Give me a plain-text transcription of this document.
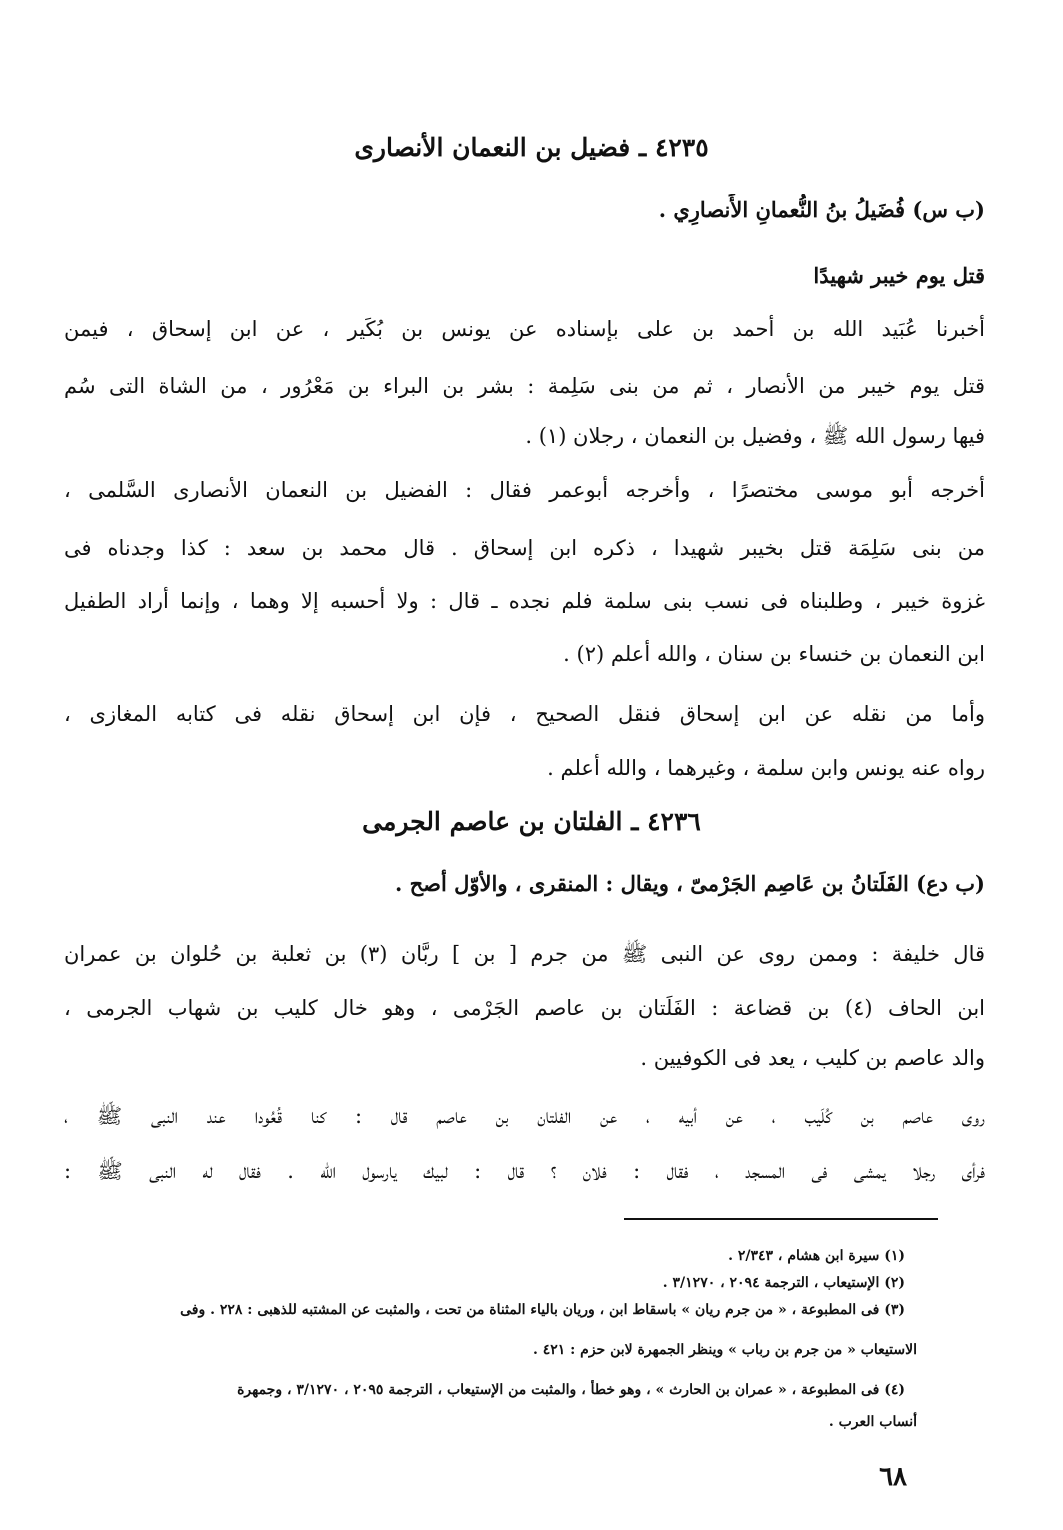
٤٢٣٥ ـ فضيل بن النعمان الأنصارى
(ب س) فُضَيلُ بنُ النُّعمانِ الأَنصارِي .
قتل يوم خيبر شهيدًا
أخبرنا عُبَيد الله بن أحمد بن على بإسناده عن يونس بن بُكَير ، عن ابن إسحاق ، فيمن
قتل يوم خيبر من الأنصار ، ثم من بنى سَلِمة : بشر بن البراء بن مَعْرُور ، من الشاة التى سُم
فيها رسول الله ﷺ ، وفضيل بن النعمان ، رجلان (١) .
أخرجه أبو موسى مختصرًا ، وأخرجه أبوعمر فقال : الفضيل بن النعمان الأنصارى السَّلمى ،
من بنى سَلِمَة قتل بخيبر شهيدا ، ذكره ابن إسحاق . قال محمد بن سعد : كذا وجدناه فى
غزوة خيبر ، وطلبناه فى نسب بنى سلمة فلم نجده ـ قال : ولا أحسبه إلا وهما ، وإنما أراد الطفيل
ابن النعمان بن خنساء بن سنان ، والله أعلم (٢) .
وأما من نقله عن ابن إسحاق فنقل الصحيح ، فإن ابن إسحاق نقله فى كتابه المغازى ،
رواه عنه يونس وابن سلمة ، وغيرهما ، والله أعلم .
٤٢٣٦ ـ الفلتان بن عاصم الجرمى
(ب دع) الفَلَتانُ بن عَاصِم الجَرْمىّ ، ويقال : المنقرى ، والأوّل أصح .
قال خليفة : وممن روى عن النبى ﷺ من جرم [ بن ] ربَّان (٣) بن ثعلبة بن حُلوان بن عمران
ابن الحاف (٤) بن قضاعة : الفَلَتان بن عاصم الجَرْمى ، وهو خال كليب بن شهاب الجرمى ،
والد عاصم بن كليب ، يعد فى الكوفيين .
روى عاصم بن كُلَيب ، عن أبيه ، عن الفلتان بن عاصم قال : كنا قُعُودا عند النبى ﷺ ،
فرأى رجلا يمشى فى المسجد ، فقال : فلان ؟ قال : لبيك يارسول الله . فقال له النبى ﷺ :
(١) سيرة ابن هشام ، ٢/٣٤٣ .
(٢) الإستيعاب ، الترجمة ٢٠٩٤ ، ٣/١٢٧٠ .
(٣) فى المطبوعة ، « من جرم ريان » باسقاط ابن ، وريان بالياء المثناة من تحت ، والمثبت عن المشتبه للذهبى : ٢٢٨ . وفى
الاستيعاب « من جرم بن رباب » وينظر الجمهرة لابن حزم : ٤٢١ .
(٤) فى المطبوعة ، « عمران بن الحارث » ، وهو خطأ ، والمثبت من الإستيعاب ، الترجمة ٢٠٩٥ ، ٣/١٢٧٠ ، وجمهرة
أنساب العرب .
٦٨
